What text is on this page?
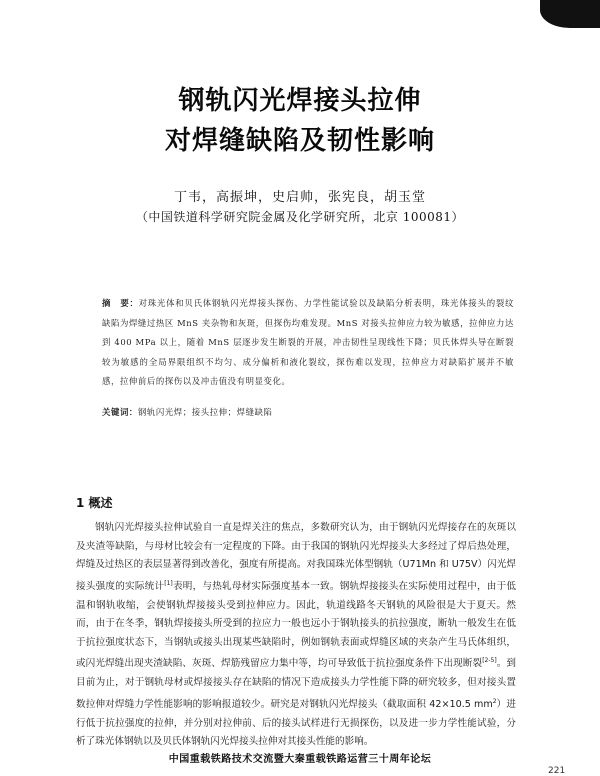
钢轨闪光焊接头拉伸
对焊缝缺陷及韧性影响
丁韦，高振坤，史启帅，张宪良，胡玉堂
（中国铁道科学研究院金属及化学研究所，北京 100081）
摘　要：对珠光体和贝氏体钢轨闪光焊接头探伤、力学性能试验以及缺陷分析表明，珠光体接头的裂纹缺陷为焊缝过热区 MnS 夹杂物和灰斑，但探伤均难发现。MnS 对接头拉伸应力较为敏感，拉伸应力达到 400 MPa 以上，随着 MnS 层逐步发生断裂的开展，冲击韧性呈现线性下降；贝氏体焊头导在断裂较为敏感的全局界限组织不均匀、成分偏析和液化裂纹，探伤难以发现，拉伸应力对缺陷扩展并不敏感，拉伸前后的探伤以及冲击值没有明显变化。
关键词：钢轨闪光焊；接头拉伸；焊缝缺陷
1 概述
钢轨闪光焊接头拉伸试验自一直是焊关注的焦点，多数研究认为，由于钢轨闪光焊接存在的灰斑以及夹渣等缺陷，与母材比较会有一定程度的下降。由于我国的钢轨闪光焊接头大多经过了焊后热处理，焊缝及过热区的表层显著得到改善化，强度有所提高。对我国珠光体型钢轨（U71Mn 和 U75V）闪光焊接头强度的实际统计[1]表明，与热轧母材实际强度基本一致。钢轨焊接接头在实际使用过程中，由于低温和钢轨收缩，会使钢轨焊接接头受到拉伸应力。因此，轨道线路冬天钢轨的风险很是大于夏天。然而，由于在冬季，钢轨焊接接头所受到的拉应力一般也远小于钢轨接头的抗拉强度，断轨一般发生在低于抗拉强度状态下，当钢轨或接头出现某些缺陷时，例如钢轨表面或焊缝区域的夹杂产生马氏体组织，或闪光焊缝出现夹渣缺陷、灰斑、焊筋残留应力集中等，均可导致低于抗拉强度条件下出现断裂[2-5]。到目前为止，对于钢轨母材或焊接接头存在缺陷的情况下造成接头力学性能下降的研究较多，但对接头置数拉伸对焊缝力学性能影响的影响报道较少。研究是对钢轨闪光焊接头（截取面积 42×10.5 $mm^2$）进行低于抗拉强度的拉伸，并分别对拉伸前、后的接头试样进行无损探伤，以及进一步力学性能试验，分析了珠光体钢轨以及贝氏体钢轨闪光焊接头拉伸对其接头性能的影响。
中国重载铁路技术交流暨大秦重载铁路运营三十周年论坛
221
